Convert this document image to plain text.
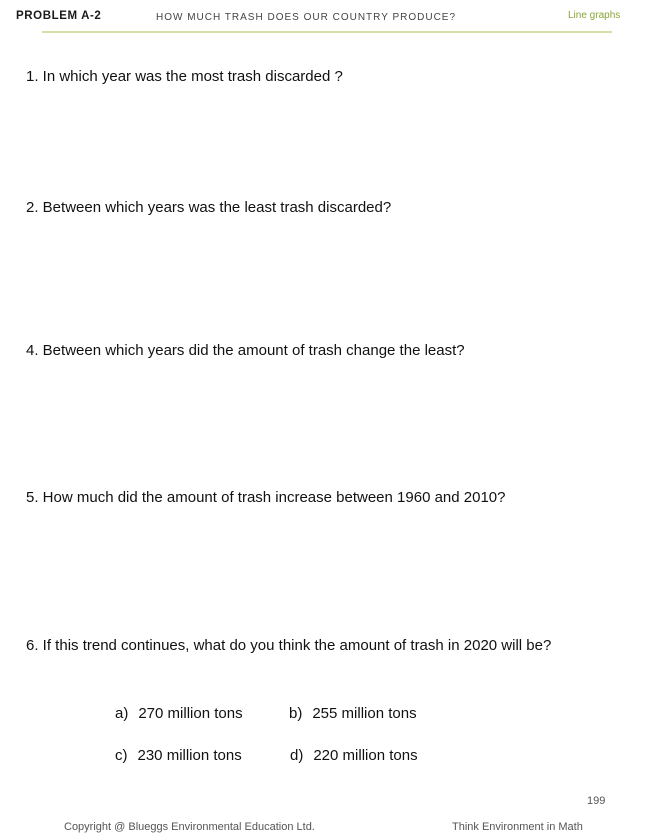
PROBLEM A-2	HOW MUCH TRASH DOES OUR COUNTRY PRODUCE?	Line graphs
1. In which year was the most trash discarded ?
2. Between which years was the least trash discarded?
4. Between which years did the amount of trash change the least?
5. How much did the amount of trash increase between 1960 and 2010?
6. If this trend continues, what do you think the amount of trash in 2020 will be?
a) 270 million tons	b) 255 million tons
c) 230 million tons	d) 220 million tons
199
Copyright @ Blueggs Environmental Education Ltd.	Think Environment in Math
